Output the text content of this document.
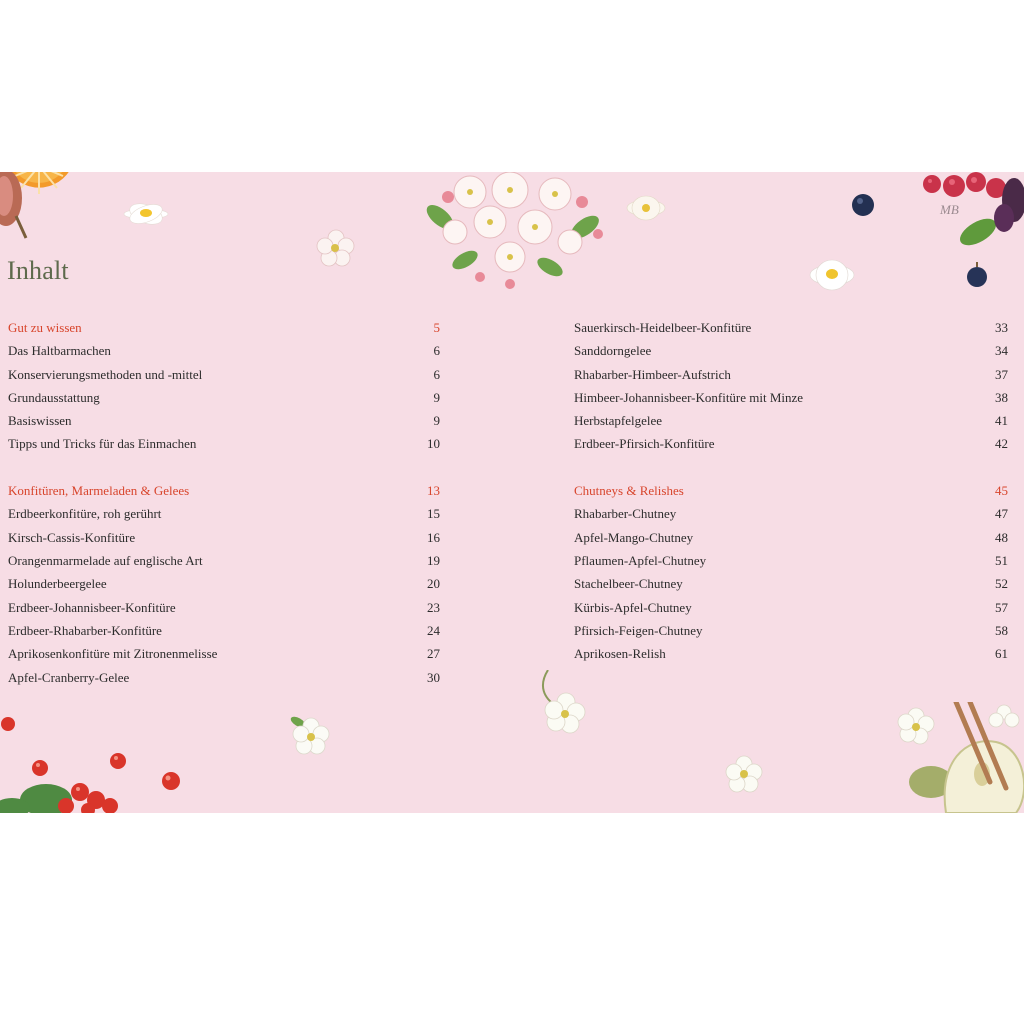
MB
Inhalt
Gut zu wissen	5
Das Haltbarmachen	6
Konservierungsmethoden und -mittel	6
Grundausstattung	9
Basiswissen	9
Tipps und Tricks für das Einmachen	10
Konfitüren, Marmeladen & Gelees	13
Erdbeerkonfitüre, roh gerührt	15
Kirsch-Cassis-Konfitüre	16
Orangenmarmelade auf englische Art	19
Holunderbeergelee	20
Erdbeer-Johannisbeer-Konfitüre	23
Erdbeer-Rhabarber-Konfitüre	24
Aprikosenkonfitüre mit Zitronenmelisse	27
Apfel-Cranberry-Gelee	30
Sauerkirsch-Heidelbeer-Konfitüre	33
Sanddorngelee	34
Rhabarber-Himbeer-Aufstrich	37
Himbeer-Johannisbeer-Konfitüre mit Minze	38
Herbstapfelgelee	41
Erdbeer-Pfirsich-Konfitüre	42
Chutneys & Relishes	45
Rhabarber-Chutney	47
Apfel-Mango-Chutney	48
Pflaumen-Apfel-Chutney	51
Stachelbeer-Chutney	52
Kürbis-Apfel-Chutney	57
Pfirsich-Feigen-Chutney	58
Aprikosen-Relish	61
